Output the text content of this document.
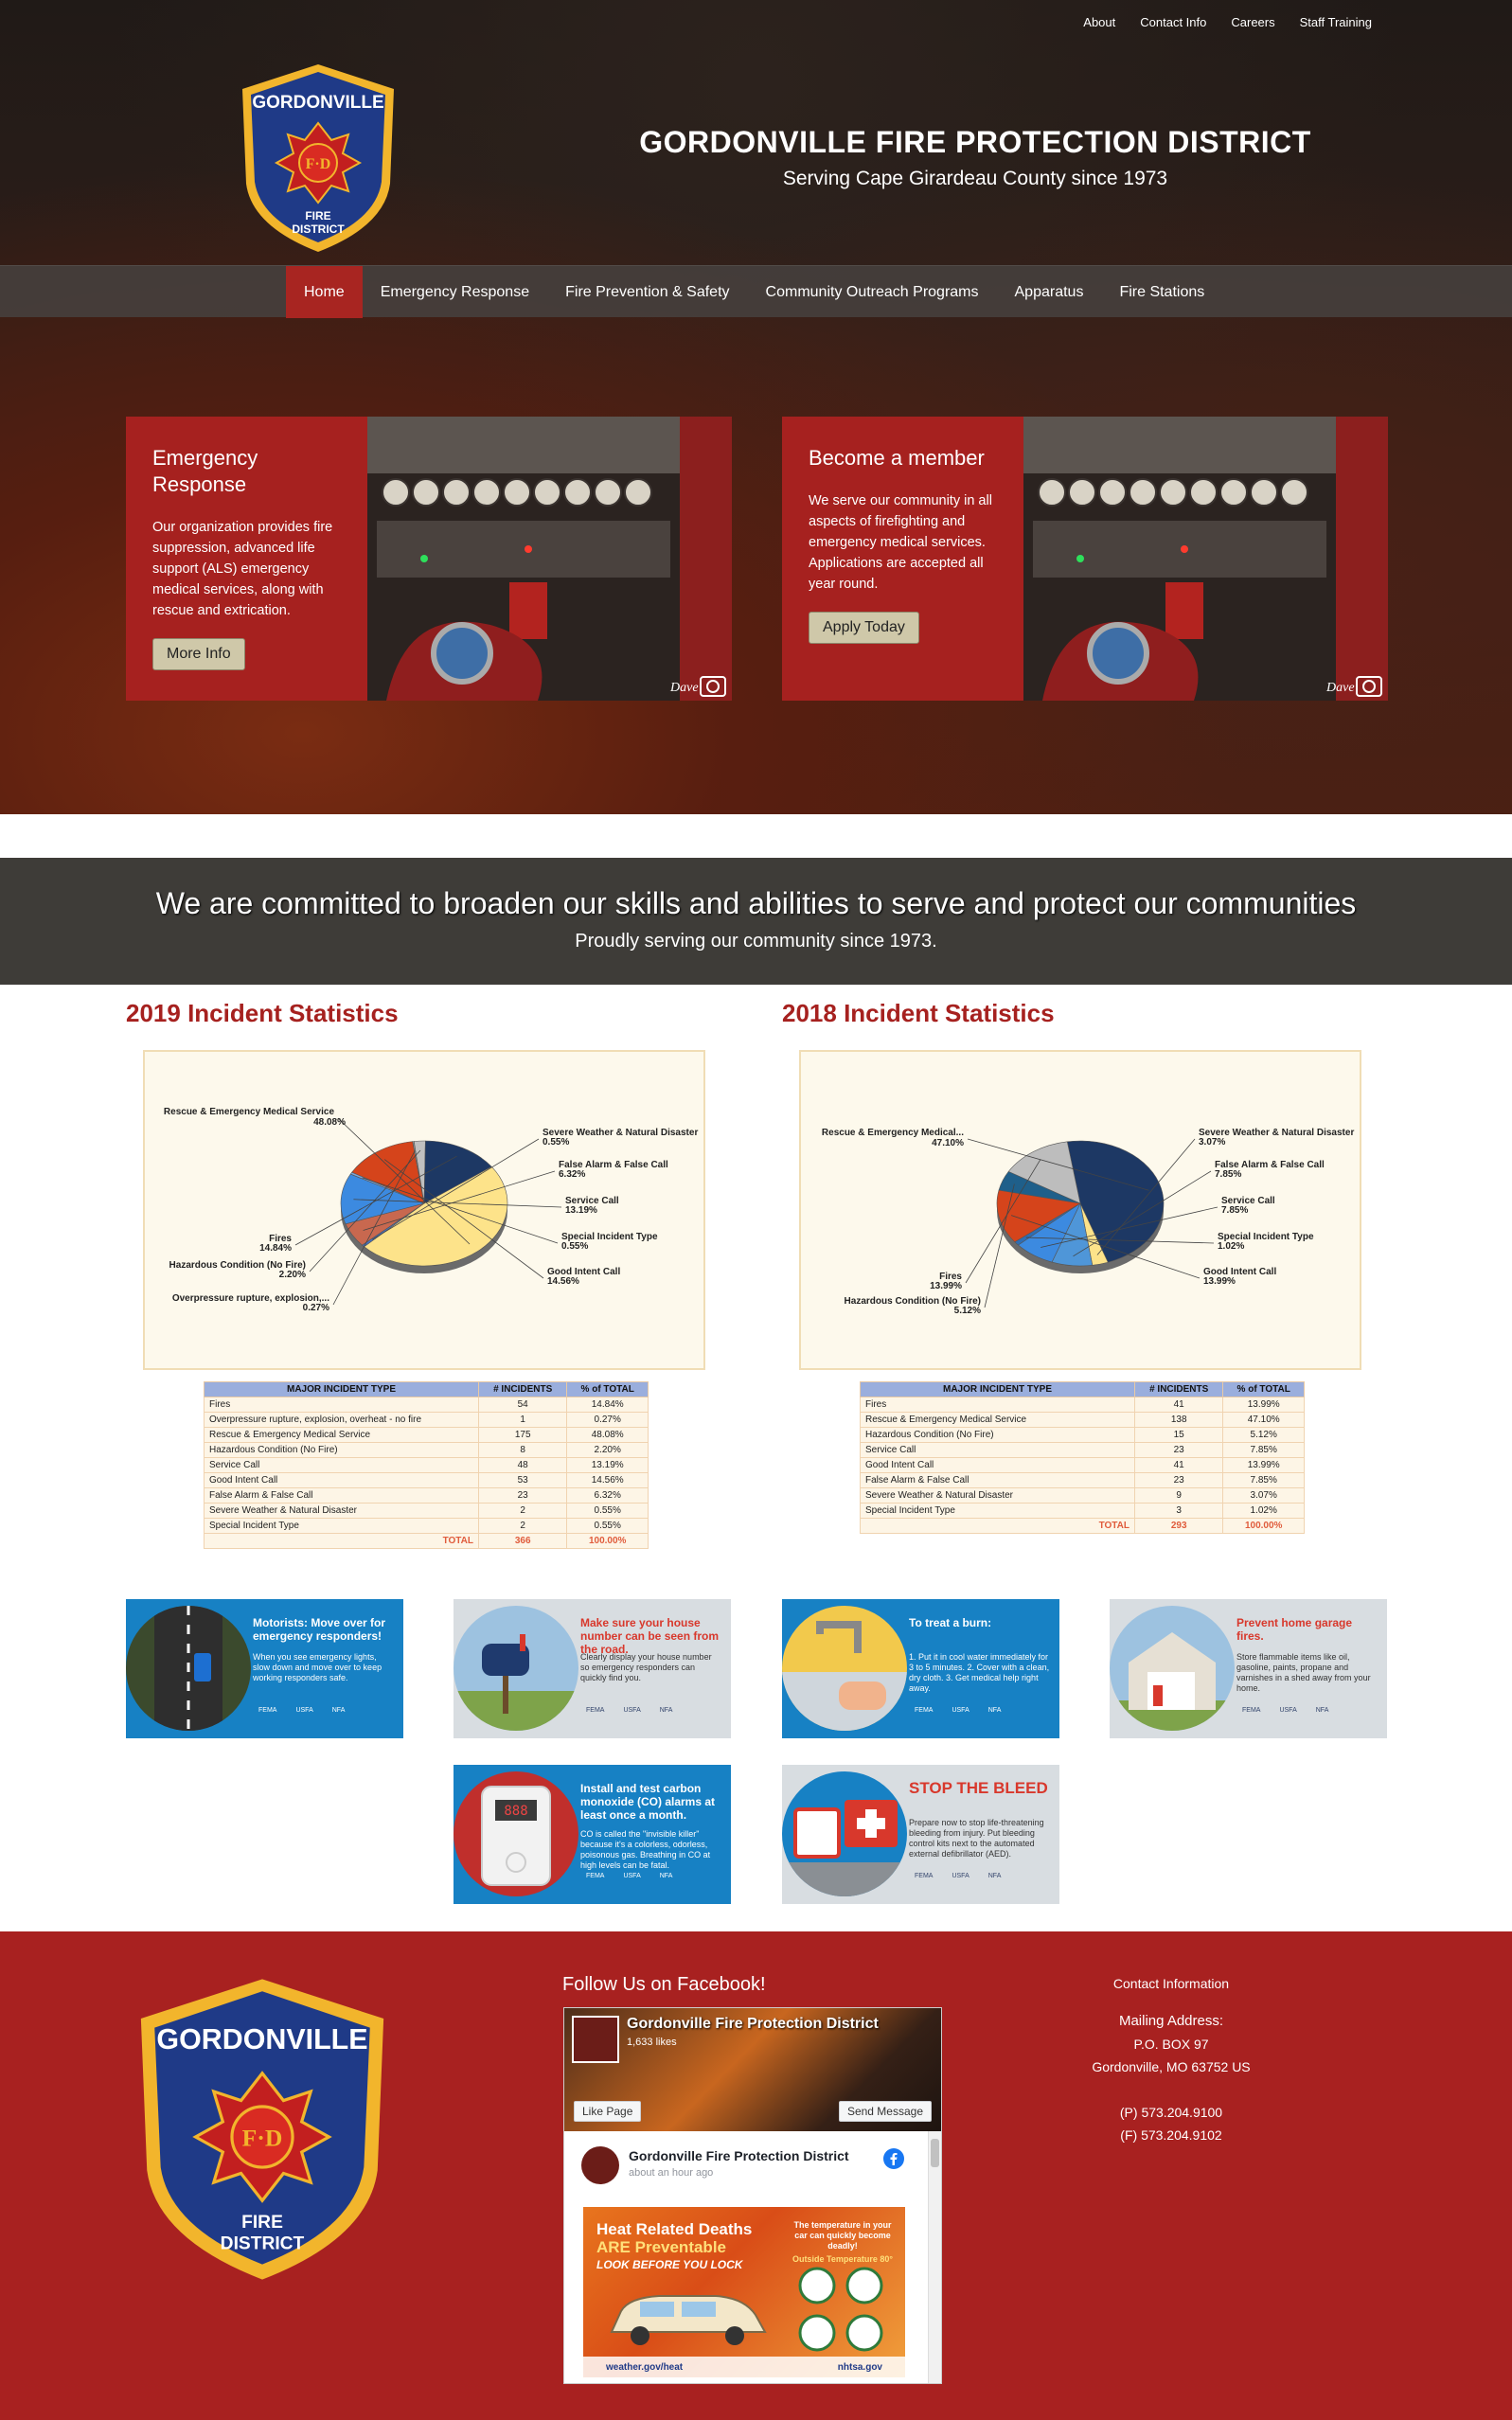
About Contact Info Careers Staff Training
GORDONVILLE
F·D
FIRE
DISTRICT
GORDONVILLE FIRE PROTECTION DISTRICT
Serving Cape Girardeau County since 1973
Home	Emergency Response	Fire Prevention & Safety	Community Outreach Programs	Apparatus	Fire Stations
Emergency Response
Our organization provides fire suppression, advanced life support (ALS) emergency medical services, along with rescue and extrication.
More Info
Dave
Become a member
We serve our community in all aspects of firefighting and emergency medical services. Applications are accepted all year round.
Apply Today
Dave
We are committed to broaden our skills and abilities to serve and protect our communities
Proudly serving our community since 1973.
2019 Incident Statistics	2018 Incident Statistics
Rescue & Emergency Medical Service
48.08%
Severe Weather & Natural Disaster
0.55%
False Alarm & False Call
6.32%
Service Call
13.19%
Special Incident Type
0.55%
Good Intent Call
14.56%
Fires
14.84%
Hazardous Condition (No Fire)
2.20%
Overpressure rupture, explosion,...
0.27%
Rescue & Emergency Medical...
47.10%
Severe Weather & Natural Disaster
3.07%
False Alarm & False Call
7.85%
Service Call
7.85%
Special Incident Type
1.02%
Good Intent Call
13.99%
Fires
13.99%
Hazardous Condition (No Fire)
5.12%
MAJOR INCIDENT TYPE	# INCIDENTS	% of TOTAL
Fires	54	14.84%
Overpressure rupture, explosion, overheat - no fire	1	0.27%
Rescue & Emergency Medical Service	175	48.08%
Hazardous Condition (No Fire)	8	2.20%
Service Call	48	13.19%
Good Intent Call	53	14.56%
False Alarm & False Call	23	6.32%
Severe Weather & Natural Disaster	2	0.55%
Special Incident Type	2	0.55%
TOTAL	366	100.00%
MAJOR INCIDENT TYPE	# INCIDENTS	% of TOTAL
Fires	41	13.99%
Rescue & Emergency Medical Service	138	47.10%
Hazardous Condition (No Fire)	15	5.12%
Service Call	23	7.85%
Good Intent Call	41	13.99%
False Alarm & False Call	23	7.85%
Severe Weather & Natural Disaster	9	3.07%
Special Incident Type	3	1.02%
TOTAL	293	100.00%
Motorists: Move over for emergency responders!
When you see emergency lights, slow down and move over to keep working responders safe.
FEMA	USFA	NFA
Make sure your house number can be seen from the road.
Clearly display your house number so emergency responders can quickly find you.
FEMA	USFA	NFA
To treat a burn:
1. Put it in cool water immediately for 3 to 5 minutes. 2. Cover with a clean, dry cloth. 3. Get medical help right away.
FEMA	USFA	NFA
Prevent home garage fires.
Store flammable items like oil, gasoline, paints, propane and varnishes in a shed away from your home.
FEMA	USFA	NFA
888
Install and test carbon monoxide (CO) alarms at least once a month.
CO is called the "invisible killer" because it's a colorless, odorless, poisonous gas. Breathing in CO at high levels can be fatal.
FEMA	USFA	NFA
STOP THE BLEED
Prepare now to stop life-threatening bleeding from injury. Put bleeding control kits next to the automated external defibrillator (AED).
FEMA	USFA	NFA
GORDONVILLE
F·D
FIRE
DISTRICT
Follow Us on Facebook!
Gordonville Fire Protection District
1,633 likes
Like Page	Send Message
Gordonville Fire Protection District
about an hour ago
Heat Related Deaths
ARE Preventable
LOOK BEFORE YOU LOCK
The temperature in your car can quickly become deadly!
Outside Temperature 80°
weather.gov/heat	nhtsa.gov
Contact Information
Mailing Address:
P.O. BOX 97
Gordonville, MO 63752 US
(P) 573.204.9100
(F) 573.204.9102
